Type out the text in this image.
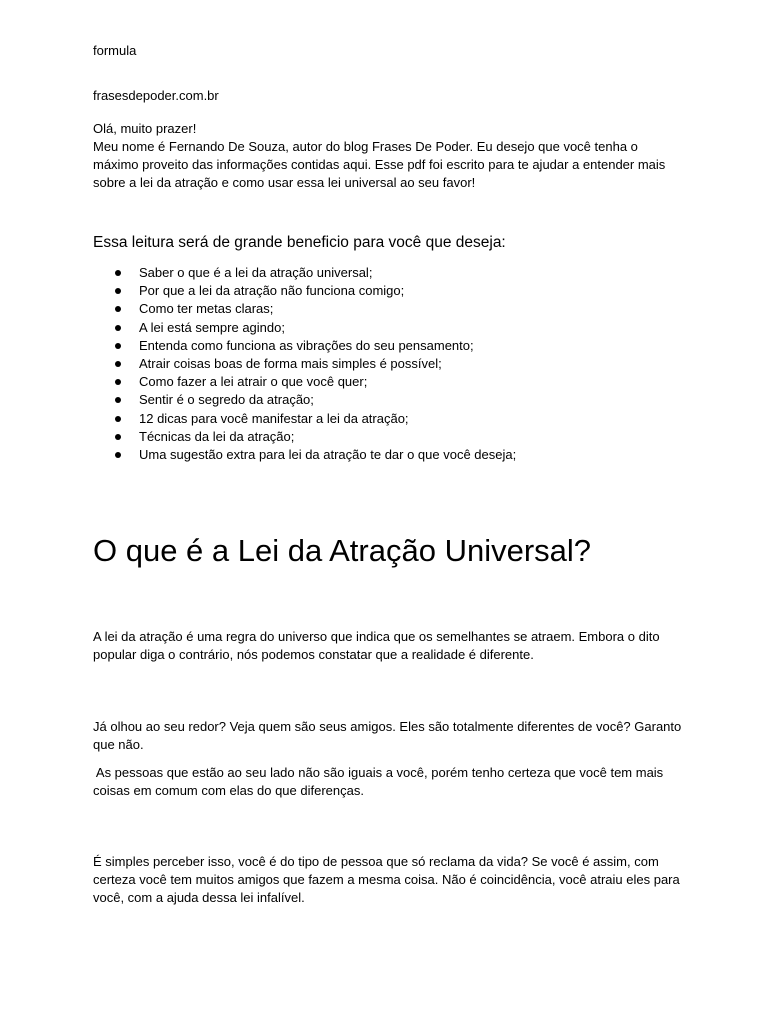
formula
frasesdepoder.com.br

Olá, muito prazer!

Meu nome é Fernando De Souza, autor do blog Frases De Poder. Eu desejo que você tenha o

máximo proveito das informações contidas aqui. Esse pdf foi escrito para te ajudar a entender mais

sobre a lei da atração e como usar essa lei universal ao seu favor!

Essa leitura será de grande beneficio para você que deseja:
Saber o que é a lei da atração universal;
Por que a lei da atração não funciona comigo;
Como ter metas claras;
A lei está sempre agindo;
Entenda como funciona as vibrações do seu pensamento;
Atrair coisas boas de forma mais simples é possível;
Como fazer a lei atrair o que você quer;
Sentir é o segredo da atração;
12 dicas para você manifestar a lei da atração;
Técnicas da lei da atração;
Uma sugestão extra para lei da atração te dar o que você deseja;
O que é a Lei da Atração Universal?

A lei da atração é uma regra do universo que indica que os semelhantes se atraem. Embora o dito

popular diga o contrário, nós podemos constatar que a realidade é diferente.

Já olhou ao seu redor? Veja quem são seus amigos. Eles são totalmente diferentes de você? Garanto

que não.

As pessoas que estão ao seu lado não são iguais a você, porém tenho certeza que você tem mais

coisas em comum com elas do que diferenças.

É simples perceber isso, você é do tipo de pessoa que só reclama da vida? Se você é assim, com

certeza você tem muitos amigos que fazem a mesma coisa. Não é coincidência, você atraiu eles para

você, com a ajuda dessa lei infalível.
